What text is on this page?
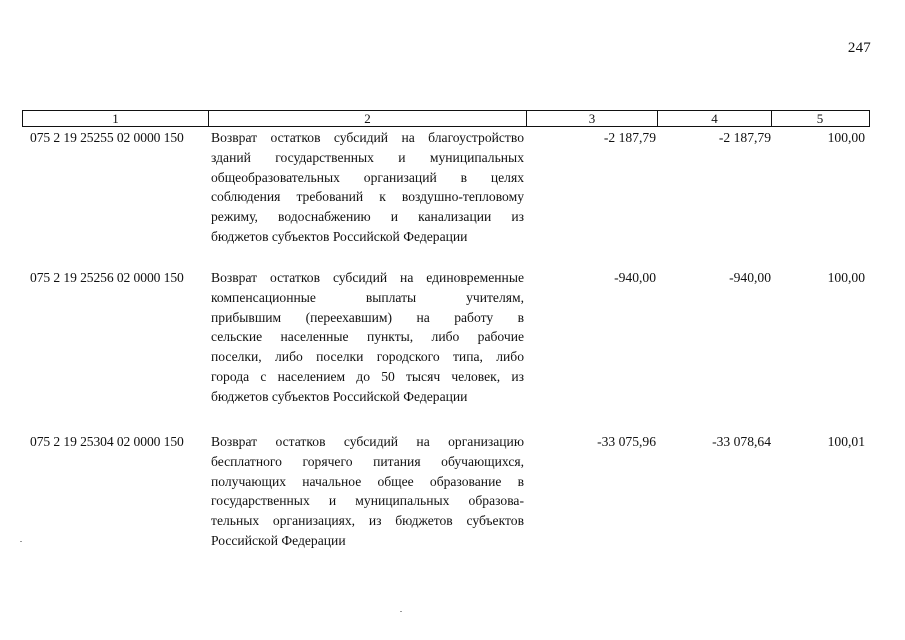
247
1	2	3	4	5
075 2 19 25255 02 0000 150	Возврат остатков субсидий на благоустройство
зданий государственных и муниципальных
общеобразовательных организаций в целях
соблюдения требований к воздушно-тепловому
режиму, водоснабжению и канализации из
бюджетов субъектов Российской Федерации
-2 187,79	-2 187,79	100,00
075 2 19 25256 02 0000 150	Возврат остатков субсидий на единовременные
компенсационные выплаты учителям,
прибывшим (переехавшим) на работу в
сельские населенные пункты, либо рабочие
поселки, либо поселки городского типа, либо
города с населением до 50 тысяч человек, из
бюджетов субъектов Российской Федерации
-940,00	-940,00	100,00
075 2 19 25304 02 0000 150	Возврат остатков субсидий на организацию
бесплатного горячего питания обучающихся,
получающих начальное общее образование в
государственных и муниципальных образова-
тельных организациях, из бюджетов субъектов
Российской Федерации
-33 075,96	-33 078,64	100,01
